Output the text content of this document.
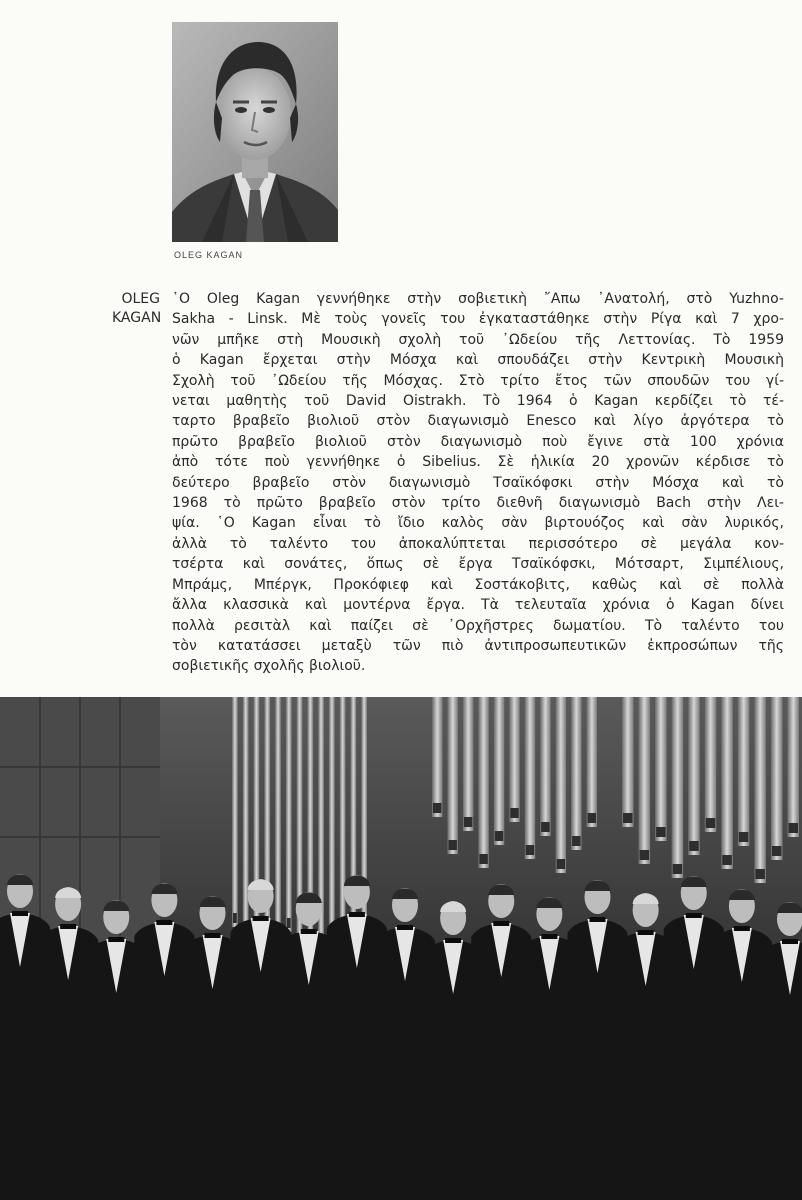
OLEG KAGAN
OLEG
KAGAN
῾Ο Oleg Kagan γεννήθηκε στὴν σοβιετικὴ ῎Απω ᾿Ανατολή, στὸ Yuzhno-
Sakha - Linsk. Μὲ τοὺς γονεῖς του ἐγκαταστάθηκε στὴν Ρίγα καὶ 7 χρο-
νῶν μπῆκε στὴ Μουσικὴ σχολὴ τοῦ ᾿Ωδείου τῆς Λεττονίας. Τὸ 1959
ὁ Kagan ἔρχεται στὴν Μόσχα καὶ σπουδάζει στὴν Κεντρικὴ Μουσικὴ
Σχολὴ τοῦ ᾿Ωδείου τῆς Μόσχας. Στὸ τρίτο ἔτος τῶν σπουδῶν του γί-
νεται μαθητὴς τοῦ David Oistrakh. Τὸ 1964 ὁ Kagan κερδίζει τὸ τέ-
ταρτο βραβεῖο βιολιοῦ στὸν διαγωνισμὸ Enesco καὶ λίγο ἀργότερα τὸ
πρῶτο βραβεῖο βιολιοῦ στὸν διαγωνισμὸ ποὺ ἔγινε στὰ 100 χρόνια
ἀπὸ τότε ποὺ γεννήθηκε ὁ Sibelius. Σὲ ἡλικία 20 χρονῶν κέρδισε τὸ
δεύτερο βραβεῖο στὸν διαγωνισμὸ Τσαϊκόφσκι στὴν Μόσχα καὶ τὸ
1968 τὸ πρῶτο βραβεῖο στὸν τρίτο διεθνῆ διαγωνισμὸ Bach στὴν Λει-
ψία. ῾Ο Kagan εἶναι τὸ ἴδιο καλὸς σὰν βιρτουόζος καὶ σὰν λυρικός,
ἀλλὰ τὸ ταλέντο του ἀποκαλύπτεται περισσότερο σὲ μεγάλα κον-
τσέρτα καὶ σονάτες, ὅπως σὲ ἔργα Τσαϊκόφσκι, Μότσαρτ, Σιμπέλιους,
Μπράμς, Μπέργκ, Προκόφιεφ καὶ Σοστάκοβιτς, καθὼς καὶ σὲ πολλὰ
ἄλλα κλασσικὰ καὶ μοντέρνα ἔργα. Τὰ τελευταῖα χρόνια ὁ Kagan δίνει
πολλὰ ρεσιτὰλ καὶ παίζει σὲ ᾿Ορχῆστρες δωματίου. Τὸ ταλέντο του
τὸν κατατάσσει μεταξὺ τῶν πιὸ ἀντιπροσωπευτικῶν ἐκπροσώπων τῆς
σοβιετικῆς σχολῆς βιολιοῦ.
